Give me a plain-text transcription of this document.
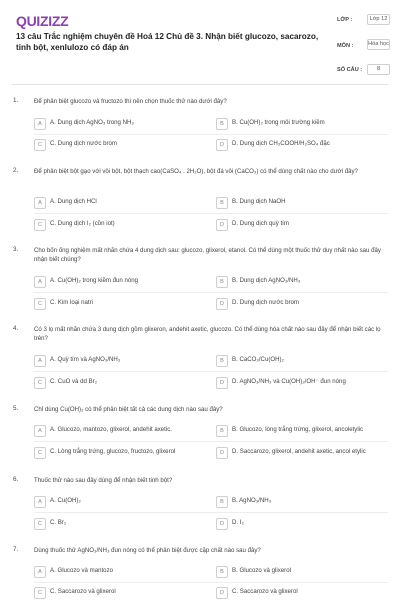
QUIZIZZ
13 câu Trắc nghiệm chuyên đề Hoá 12 Chủ đề 3. Nhận biết glucozo, sacarozo, tinh bột, xenlulozo có đáp án
LỚP :	Lớp 12
MÔN :	Hóa học
SỐ CÂU :	8
1.	Để phân biệt glucozo và fructozo thì nên chọn thuốc thử nào dưới đây?
A	A. Dung dịch AgNO₃ trong NH₃	B	B. Cu(OH)₂ trong môi trường kiềm
C	C. Dung dịch nước brom	D	D. Dung dịch CH₃COOH/H₂SO₄ đặc
2.	Để phân biệt bột gạo với vôi bột, bột thạch cao(CaSO₄ . 2H₂O), bột đá vôi (CaCO₃) có thể dùng chất nào cho dưới đây?
A	A. Dung dịch HCl	B	B. Dung dịch NaOH
C	C. Dung dịch I₂ (cồn iot)	D	D. Dung dịch quỳ tím
3.	Cho bốn ống nghiệm mất nhãn chứa 4 dung dịch sau: glucozo, glixerol, etanol. Có thể dùng một thuốc thử duy nhất nào sau đây nhận biết chúng?
A	A. Cu(OH)₂ trong kiềm đun nóng	B	B. Dung dịch AgNO₃/NH₃
C	C. Kim loại natri	D	D. Dung dịch nước brom
4.	Có 3 lọ mất nhãn chứa 3 dung dịch gồm glixeron, andehit axetic, glucozo. Có thể dùng hóa chất nào sau đây để nhận biết các lọ trên?
A	A. Quỳ tím và AgNO₃/NH₃	B	B. CaCO₃/Cu(OH)₂
C	C. CuO và dd Br₂	D	D. AgNO₃/NH₃ và Cu(OH)₂/OH⁻ đun nóng
5.	Chỉ dùng Cu(OH)₂ có thể phân biệt tất cả các dung dịch nào sau đây?
A	A. Glucozo, mantozo, glixerol, andehit axetic.	B	B. Glucozo, lòng trắng trứng, glixerol, ancoletylic
C	C. Lòng trắng trứng, glucozo, fructozo, glixerol	D	D. Saccarozo, glixerol, andehit axetic, ancol etylic
6.	Thuốc thử nào sau đây dùng để nhận biết tinh bột?
A	A. Cu(OH)₂	B	B. AgNO₃/NH₃
C	C. Br₂	D	D. I₂
7.	Dùng thuốc thử AgNO₃/NH₃ đun nóng có thể phân biệt được cặp chất nào sau đây?
A	A. Glucozo và mantozo	B	B. Glucozo và glixerol
C	C. Saccarozo và glixerol	D	C. Saccarozo và glixerol
